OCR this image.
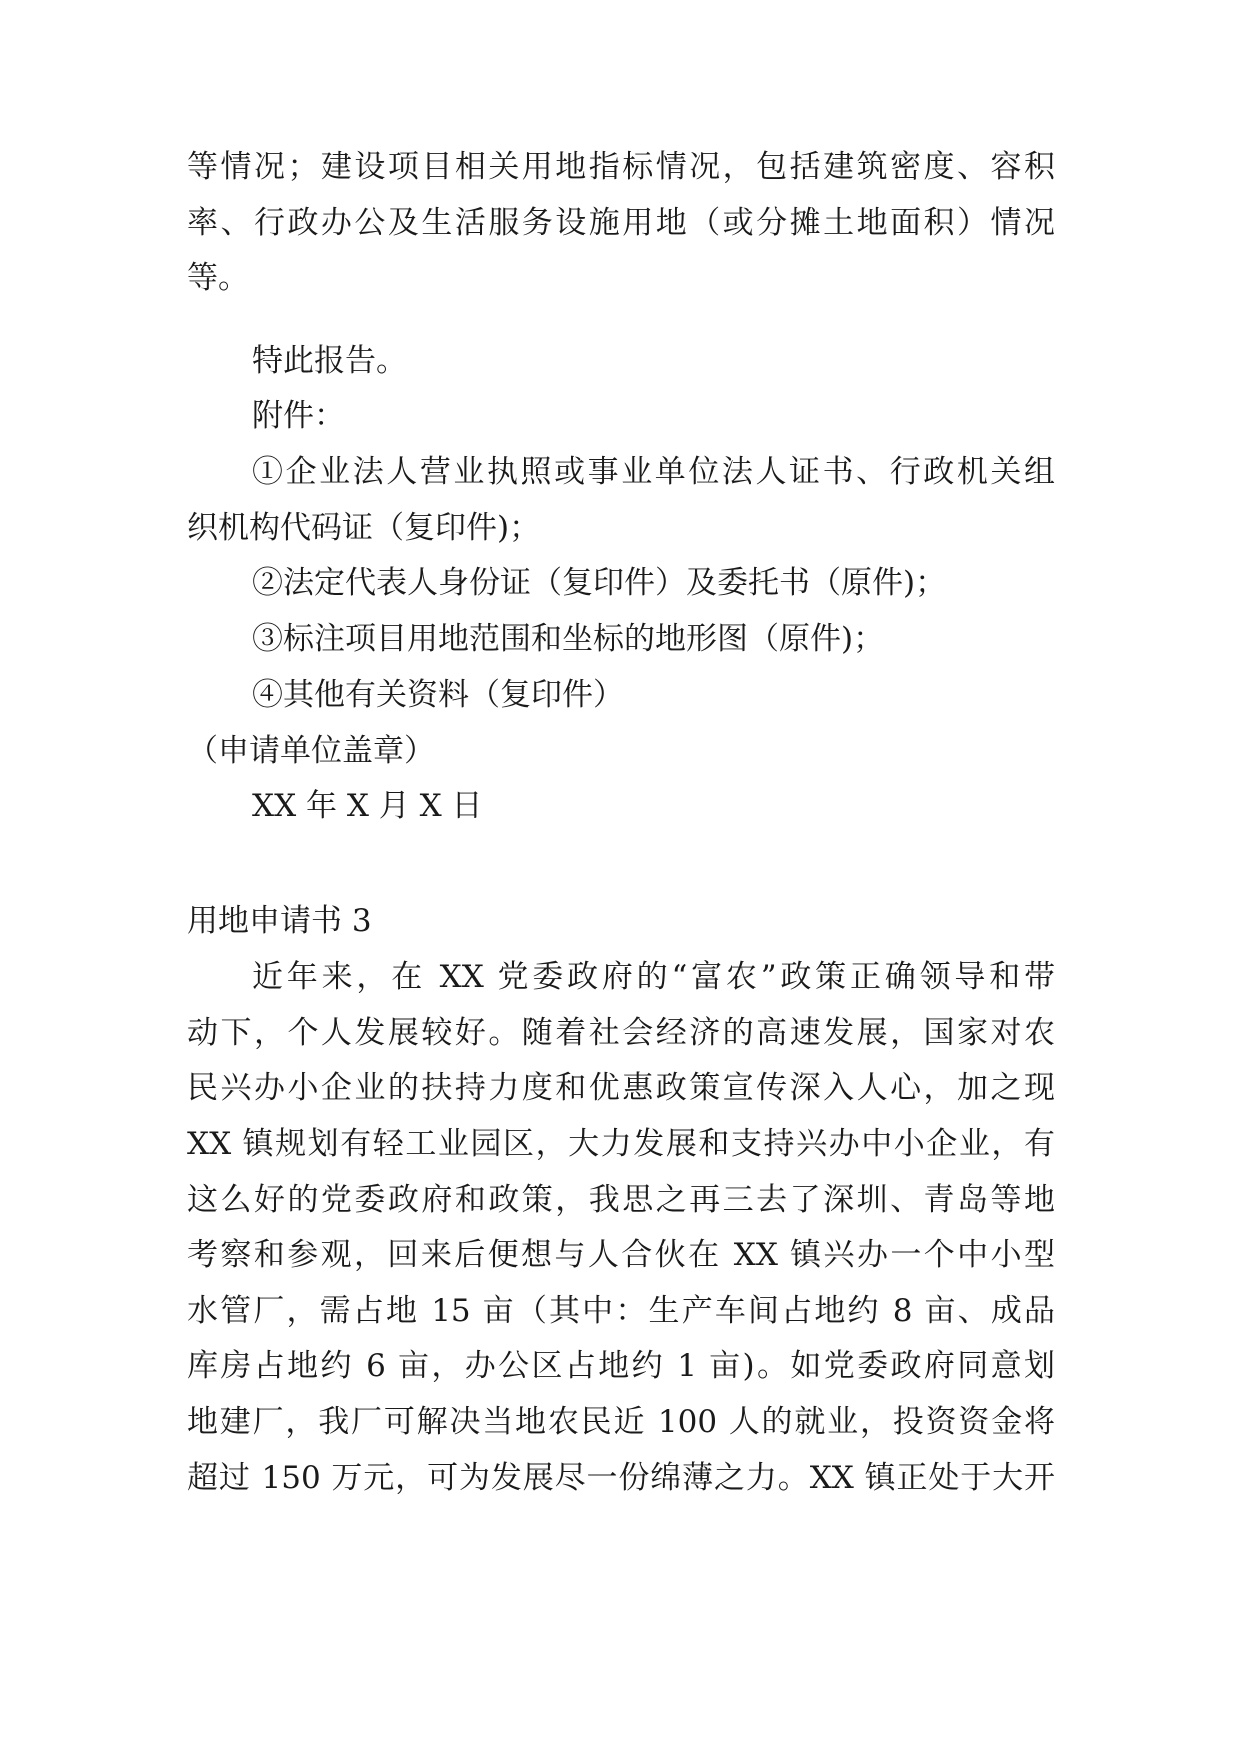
等情况；建设项目相关用地指标情况，包括建筑密度、容积
率、行政办公及生活服务设施用地（或分摊土地面积）情况
等。
特此报告。
附件：
①企业法人营业执照或事业单位法人证书、行政机关组
织机构代码证（复印件)；
②法定代表人身份证（复印件）及委托书（原件)；
③标注项目用地范围和坐标的地形图（原件)；
④其他有关资料（复印件）
（申请单位盖章）
XX 年 X 月 X 日
用地申请书 3
近年来，在 XX 党委政府的“富农”政策正确领导和带
动下，个人发展较好。随着社会经济的高速发展，国家对农
民兴办小企业的扶持力度和优惠政策宣传深入人心，加之现
XX 镇规划有轻工业园区，大力发展和支持兴办中小企业，有
这么好的党委政府和政策，我思之再三去了深圳、青岛等地
考察和参观，回来后便想与人合伙在 XX 镇兴办一个中小型
水管厂，需占地 15 亩（其中：生产车间占地约 8 亩、成品
库房占地约 6 亩，办公区占地约 1 亩)。如党委政府同意划
地建厂，我厂可解决当地农民近 100 人的就业，投资资金将
超过 150 万元，可为发展尽一份绵薄之力。XX 镇正处于大开
